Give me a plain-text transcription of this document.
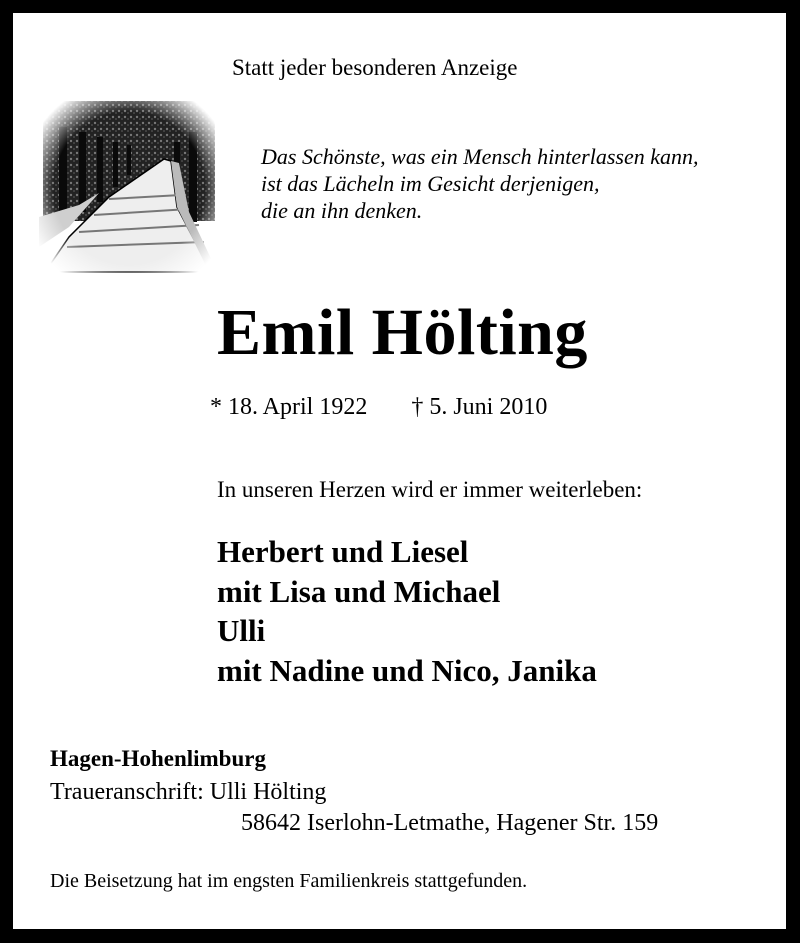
Statt jeder besonderen Anzeige
Das Schönste, was ein Mensch hinterlassen kann,
ist das Lächeln im Gesicht derjenigen,
die an ihn denken.
Emil Hölting
* 18. April 1922 † 5. Juni 2010
In unseren Herzen wird er immer weiterleben:
Herbert und Liesel
mit Lisa und Michael
Ulli
mit Nadine und Nico, Janika
Hagen-Hohenlimburg
Traueranschrift: Ulli Hölting
58642 Iserlohn-Letmathe, Hagener Str. 159
Die Beisetzung hat im engsten Familienkreis stattgefunden.
